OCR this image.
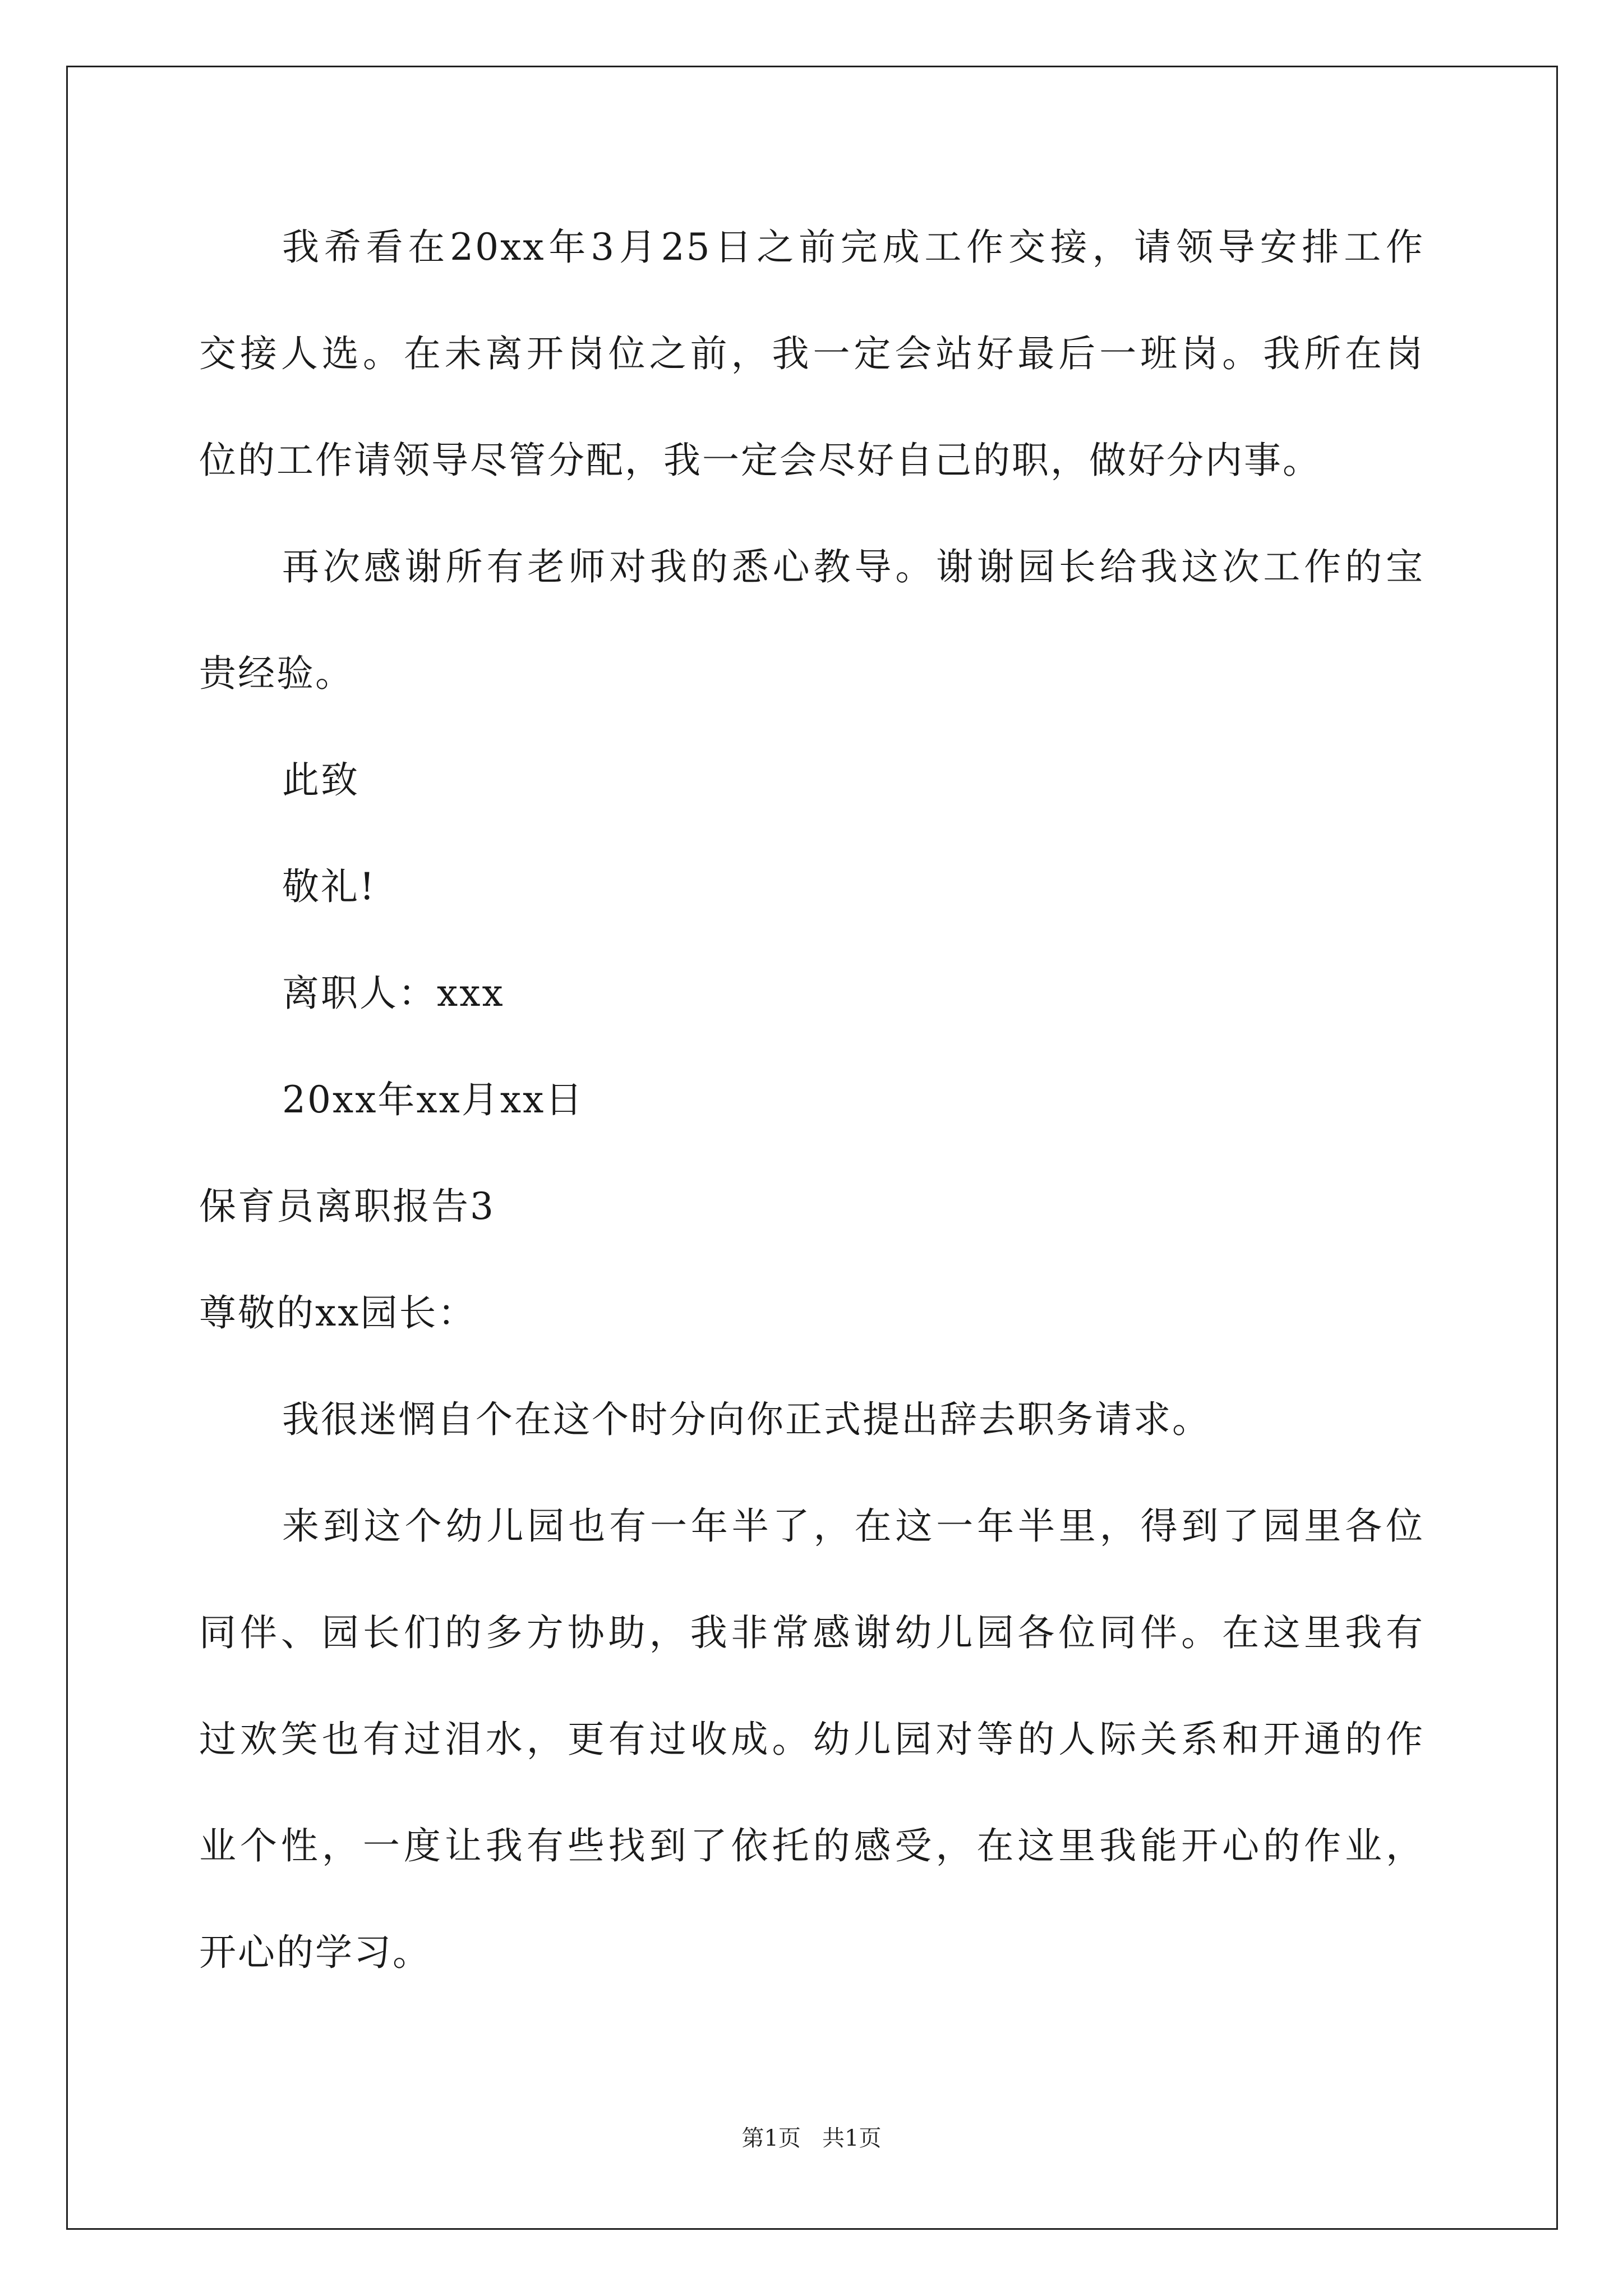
我希看在20xx年3月25日之前完成工作交接，请领导安排工作
交接人选。在未离开岗位之前，我一定会站好最后一班岗。我所在岗
位的工作请领导尽管分配，我一定会尽好自己的职，做好分内事。
再次感谢所有老师对我的悉心教导。谢谢园长给我这次工作的宝
贵经验。
此致
敬礼!
离职人：xxx
20xx年xx月xx日
保育员离职报告3
尊敬的xx园长：
我很迷惘自个在这个时分向你正式提出辞去职务请求。
来到这个幼儿园也有一年半了，在这一年半里，得到了园里各位
同伴、园长们的多方协助，我非常感谢幼儿园各位同伴。在这里我有
过欢笑也有过泪水，更有过收成。幼儿园对等的人际关系和开通的作
业个性，一度让我有些找到了依托的感受，在这里我能开心的作业，
开心的学习。
第1页   共1页
